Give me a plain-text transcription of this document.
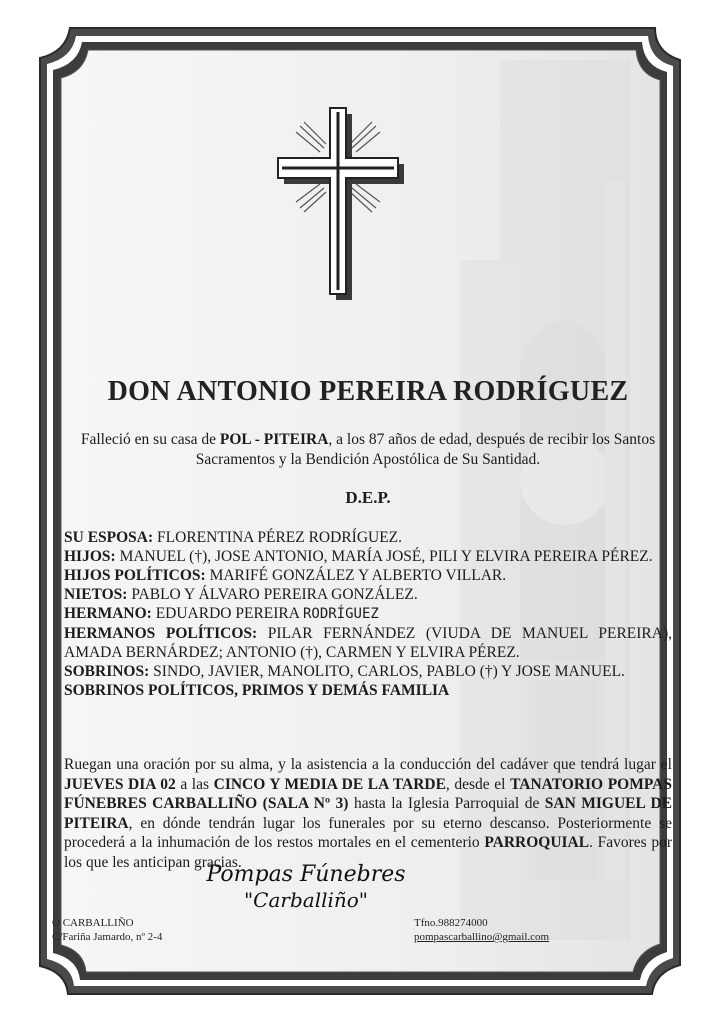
DON ANTONIO PEREIRA RODRÍGUEZ
Falleció en su casa de POL - PITEIRA, a los 87 años de edad, después de recibir los Santos Sacramentos y la Bendición Apostólica de Su Santidad.
D.E.P.

SU ESPOSA: FLORENTINA PÉREZ RODRÍGUEZ.

HIJOS: MANUEL (†), JOSE ANTONIO, MARÍA JOSÉ, PILI Y ELVIRA PEREIRA PÉREZ.

HIJOS POLÍTICOS: MARIFÉ GONZÁLEZ Y ALBERTO VILLAR.

NIETOS: PABLO Y ÁLVARO PEREIRA GONZÁLEZ.

HERMANO: EDUARDO PEREIRA RODRÍGUEZ

HERMANOS POLÍTICOS: PILAR FERNÁNDEZ (VIUDA DE MANUEL PEREIRA), AMADA BERNÁRDEZ; ANTONIO (†), CARMEN Y ELVIRA PÉREZ.

SOBRINOS: SINDO, JAVIER, MANOLITO, CARLOS, PABLO (†) Y JOSE MANUEL.

SOBRINOS POLÍTICOS, PRIMOS Y DEMÁS FAMILIA

Ruegan una oración por su alma, y la asistencia a la conducción del cadáver que tendrá lugar el JUEVES DIA 02 a las CINCO Y MEDIA DE LA TARDE, desde el TANATORIO POMPAS FÚNEBRES CARBALLIÑO (SALA Nº 3) hasta la Iglesia Parroquial de SAN MIGUEL DE PITEIRA, en dónde tendrán lugar los funerales por su eterno descanso. Posteriormente se procederá a la inhumación de los restos mortales en el cementerio PARROQUIAL. Favores por los que les anticipan gracias.
Pompas Fúnebres
"Carballiño"
O CARBALLIÑO
C/Fariña Jamardo, nº 2-4
Tfno.988274000
pompascarballino@gmail.com
